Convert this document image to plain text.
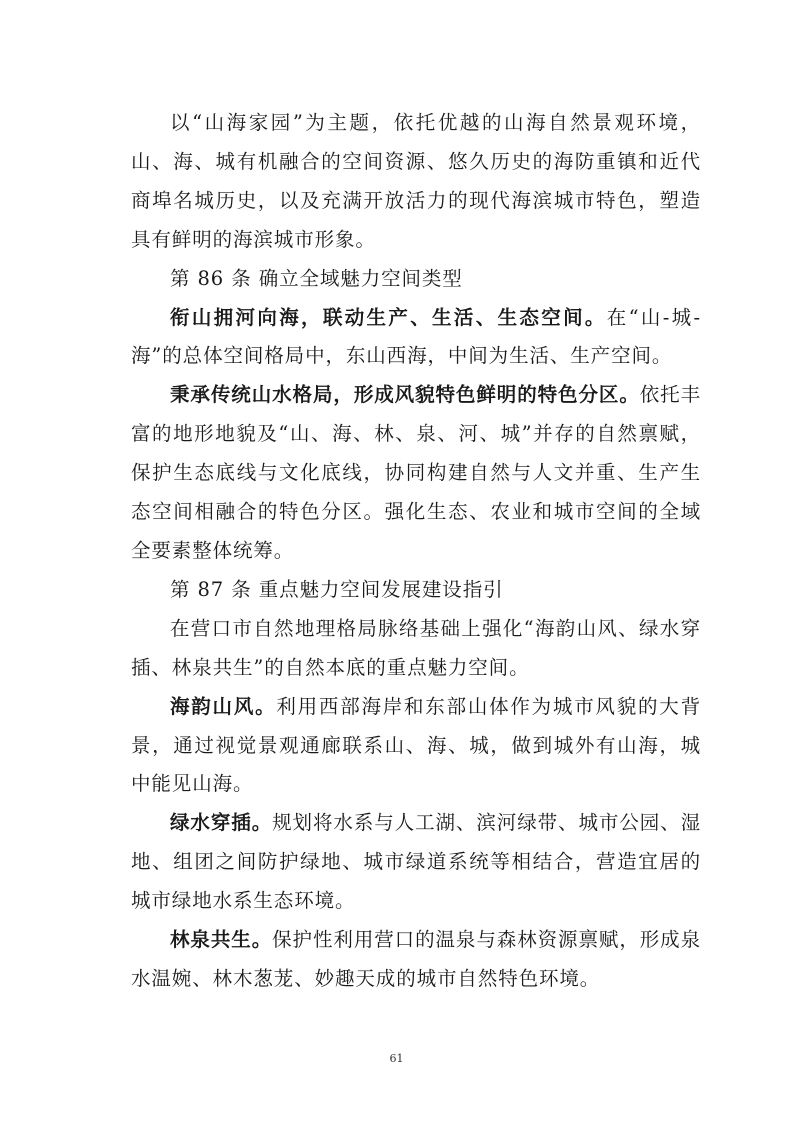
以“山海家园”为主题，依托优越的山海自然景观环境，山、海、城有机融合的空间资源、悠久历史的海防重镇和近代商埠名城历史，以及充满开放活力的现代海滨城市特色，塑造具有鲜明的海滨城市形象。

第 86 条 确立全域魅力空间类型

衔山拥河向海，联动生产、生活、生态空间。在“山-城-海”的总体空间格局中，东山西海，中间为生活、生产空间。

秉承传统山水格局，形成风貌特色鲜明的特色分区。依托丰富的地形地貌及“山、海、林、泉、河、城”并存的自然禀赋，保护生态底线与文化底线，协同构建自然与人文并重、生产生态空间相融合的特色分区。强化生态、农业和城市空间的全域全要素整体统筹。

第 87 条 重点魅力空间发展建设指引

在营口市自然地理格局脉络基础上强化“海韵山风、绿水穿插、林泉共生”的自然本底的重点魅力空间。

海韵山风。利用西部海岸和东部山体作为城市风貌的大背景，通过视觉景观通廊联系山、海、城，做到城外有山海，城中能见山海。

绿水穿插。规划将水系与人工湖、滨河绿带、城市公园、湿地、组团之间防护绿地、城市绿道系统等相结合，营造宜居的城市绿地水系生态环境。

林泉共生。保护性利用营口的温泉与森林资源禀赋，形成泉水温婉、林木葱茏、妙趣天成的城市自然特色环境。

61
